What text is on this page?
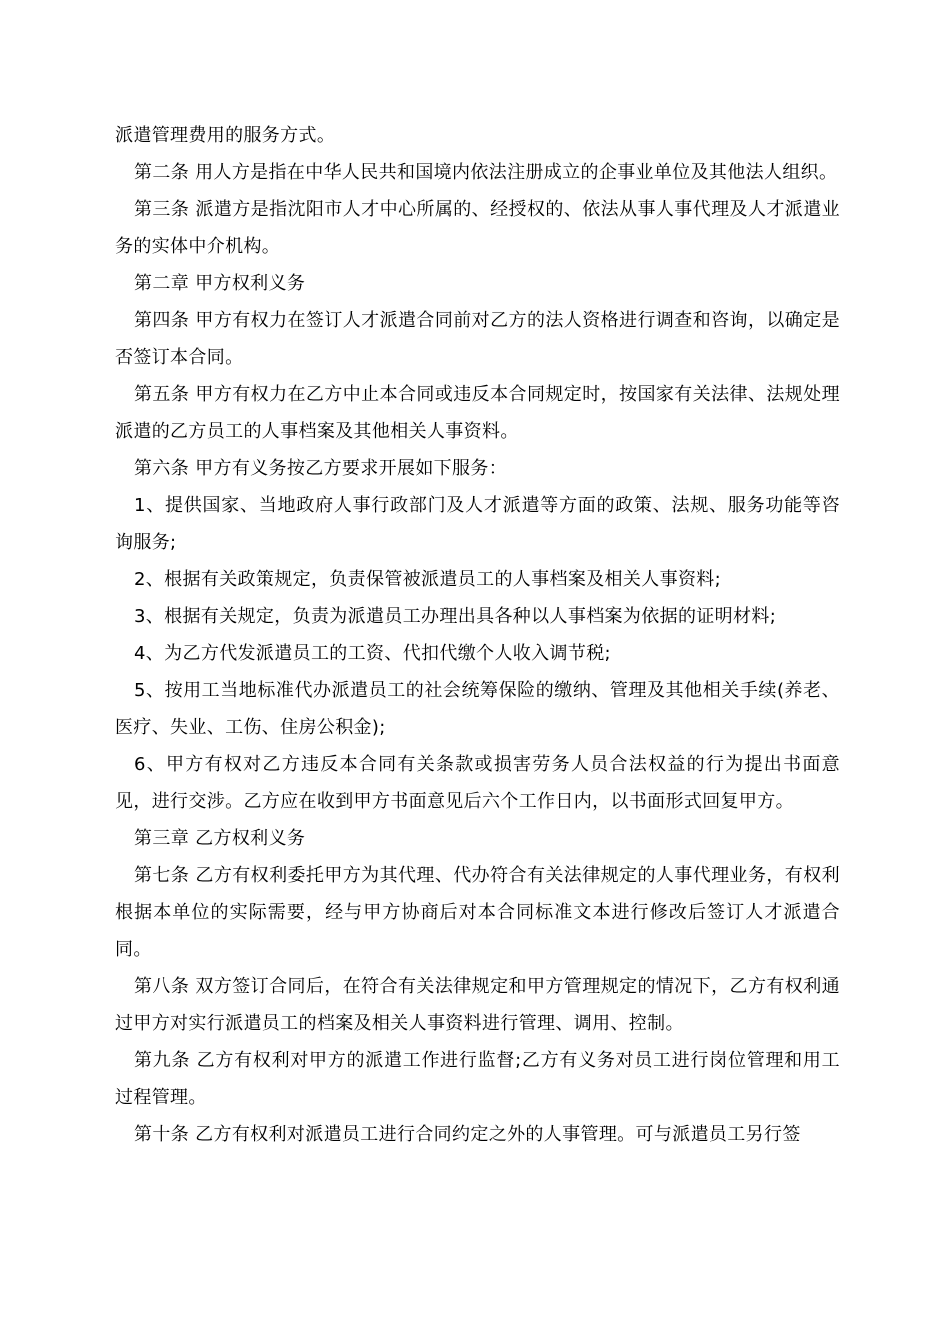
派遣管理费用的服务方式。

第二条 用人方是指在中华人民共和国境内依法注册成立的企事业单位及其他法人组织。

第三条 派遣方是指沈阳市人才中心所属的、经授权的、依法从事人事代理及人才派遣业务的实体中介机构。

第二章 甲方权利义务

第四条 甲方有权力在签订人才派遣合同前对乙方的法人资格进行调查和咨询，以确定是否签订本合同。

第五条 甲方有权力在乙方中止本合同或违反本合同规定时，按国家有关法律、法规处理派遣的乙方员工的人事档案及其他相关人事资料。

第六条 甲方有义务按乙方要求开展如下服务：

1、提供国家、当地政府人事行政部门及人才派遣等方面的政策、法规、服务功能等咨询服务;

2、根据有关政策规定，负责保管被派遣员工的人事档案及相关人事资料;

3、根据有关规定，负责为派遣员工办理出具各种以人事档案为依据的证明材料;

4、为乙方代发派遣员工的工资、代扣代缴个人收入调节税;

5、按用工当地标准代办派遣员工的社会统筹保险的缴纳、管理及其他相关手续(养老、医疗、失业、工伤、住房公积金);

6、甲方有权对乙方违反本合同有关条款或损害劳务人员合法权益的行为提出书面意见，进行交涉。乙方应在收到甲方书面意见后六个工作日内，以书面形式回复甲方。

第三章 乙方权利义务

第七条 乙方有权利委托甲方为其代理、代办符合有关法律规定的人事代理业务，有权利根据本单位的实际需要，经与甲方协商后对本合同标准文本进行修改后签订人才派遣合同。

第八条 双方签订合同后，在符合有关法律规定和甲方管理规定的情况下，乙方有权利通过甲方对实行派遣员工的档案及相关人事资料进行管理、调用、控制。

第九条 乙方有权利对甲方的派遣工作进行监督;乙方有义务对员工进行岗位管理和用工过程管理。

第十条 乙方有权利对派遣员工进行合同约定之外的人事管理。可与派遣员工另行签
